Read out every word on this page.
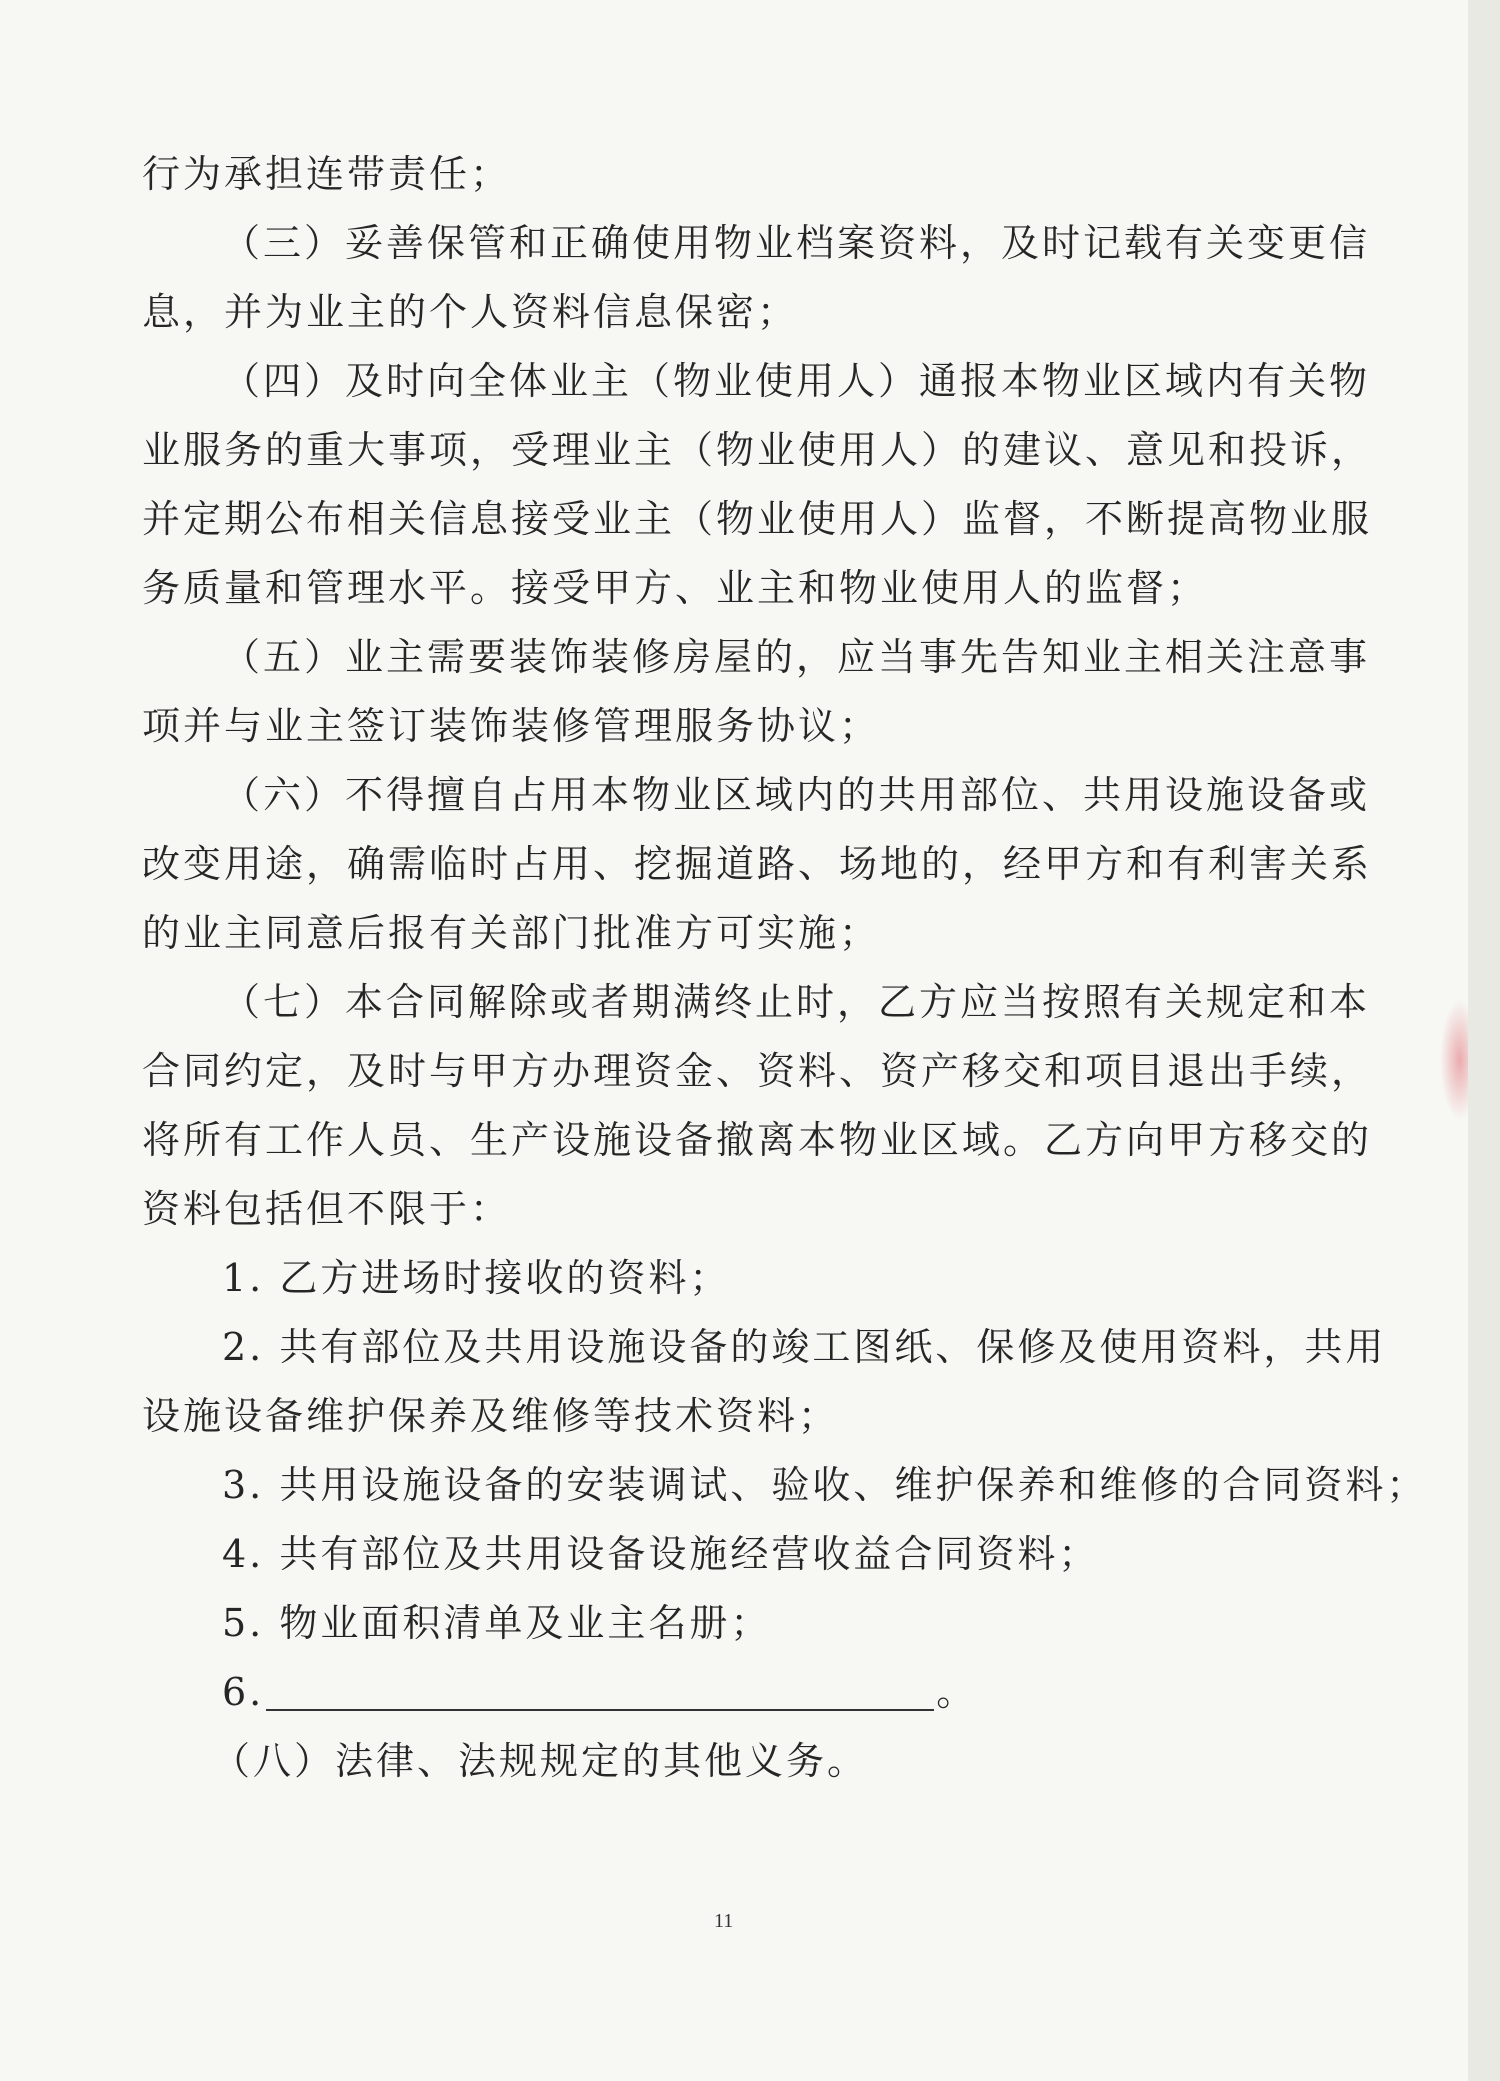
行为承担连带责任；
（三）妥善保管和正确使用物业档案资料，及时记载有关变更信
息，并为业主的个人资料信息保密；
（四）及时向全体业主（物业使用人）通报本物业区域内有关物
业服务的重大事项，受理业主（物业使用人）的建议、意见和投诉，
并定期公布相关信息接受业主（物业使用人）监督，不断提高物业服
务质量和管理水平。接受甲方、业主和物业使用人的监督；
（五）业主需要装饰装修房屋的，应当事先告知业主相关注意事
项并与业主签订装饰装修管理服务协议；
（六）不得擅自占用本物业区域内的共用部位、共用设施设备或
改变用途，确需临时占用、挖掘道路、场地的，经甲方和有利害关系
的业主同意后报有关部门批准方可实施；
（七）本合同解除或者期满终止时，乙方应当按照有关规定和本
合同约定，及时与甲方办理资金、资料、资产移交和项目退出手续，
将所有工作人员、生产设施设备撤离本物业区域。乙方向甲方移交的
资料包括但不限于：
1. 乙方进场时接收的资料；
2. 共有部位及共用设施设备的竣工图纸、保修及使用资料，共用
设施设备维护保养及维修等技术资料；
3. 共用设施设备的安装调试、验收、维护保养和维修的合同资料；
4. 共有部位及共用设备设施经营收益合同资料；
5. 物业面积清单及业主名册；
6.	。
（八）法律、法规规定的其他义务。
11
